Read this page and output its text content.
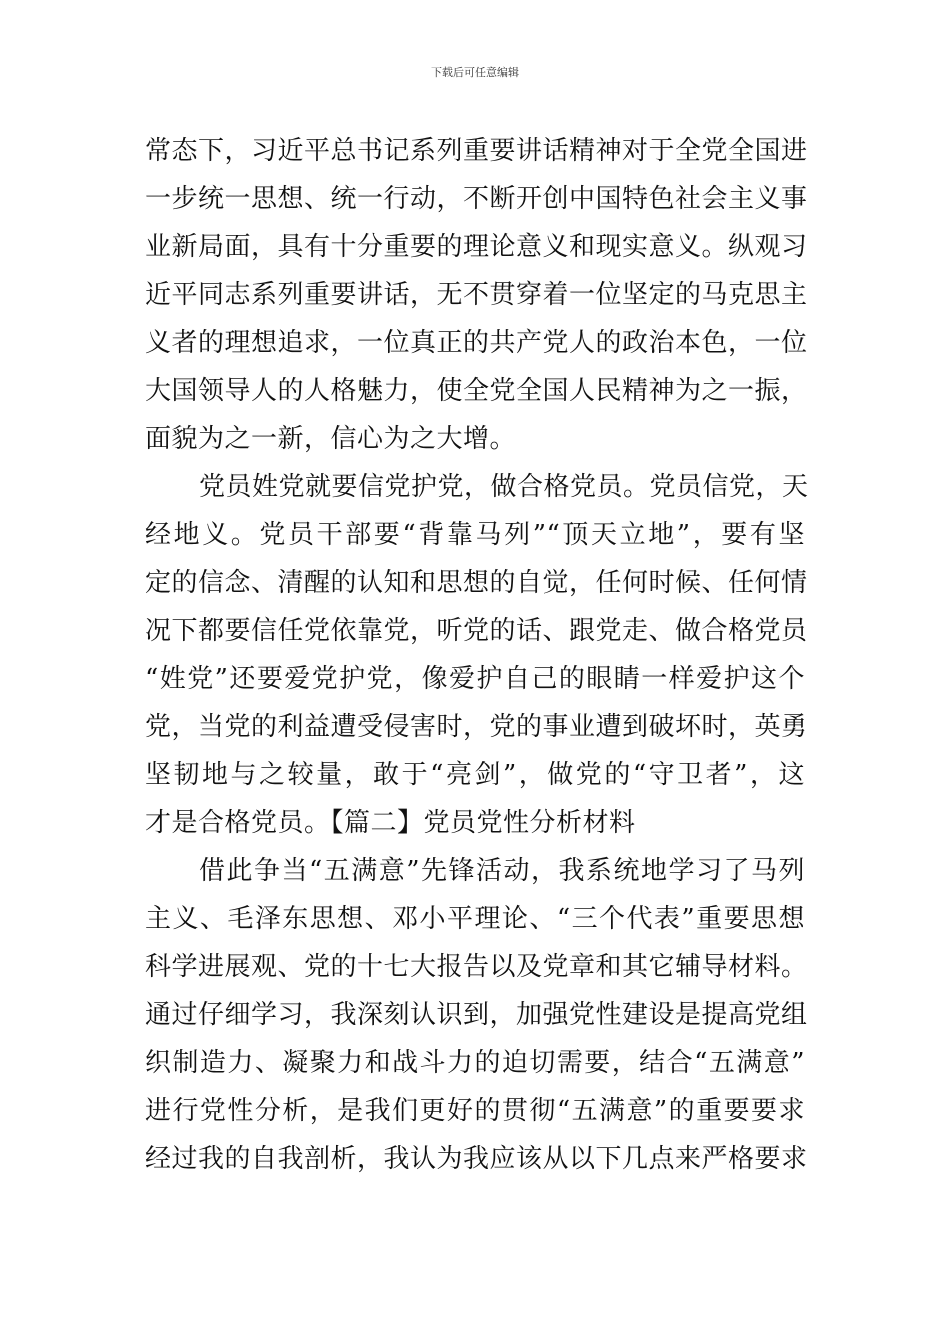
下载后可任意编辑
常态下，习近平总书记系列重要讲话精神对于全党全国进
一步统一思想、统一行动，不断开创中国特色社会主义事
业新局面，具有十分重要的理论意义和现实意义。纵观习
近平同志系列重要讲话，无不贯穿着一位坚定的马克思主
义者的理想追求，一位真正的共产党人的政治本色，一位
大国领导人的人格魅力，使全党全国人民精神为之一振，
面貌为之一新，信心为之大增。
党员姓党就要信党护党，做合格党员。党员信党，天
经地义。党员干部要“背靠马列”“顶天立地”，要有坚
定的信念、清醒的认知和思想的自觉，任何时候、任何情
况下都要信任党依靠党，听党的话、跟党走、做合格党员
“姓党”还要爱党护党，像爱护自己的眼睛一样爱护这个
党，当党的利益遭受侵害时，党的事业遭到破坏时，英勇
坚韧地与之较量，敢于“亮剑”，做党的“守卫者”，这
才是合格党员。【篇二】党员党性分析材料
借此争当“五满意”先锋活动，我系统地学习了马列
主义、毛泽东思想、邓小平理论、“三个代表”重要思想
科学进展观、党的十七大报告以及党章和其它辅导材料。
通过仔细学习，我深刻认识到，加强党性建设是提高党组
织制造力、凝聚力和战斗力的迫切需要，结合“五满意”
进行党性分析，是我们更好的贯彻“五满意”的重要要求
经过我的自我剖析，我认为我应该从以下几点来严格要求
